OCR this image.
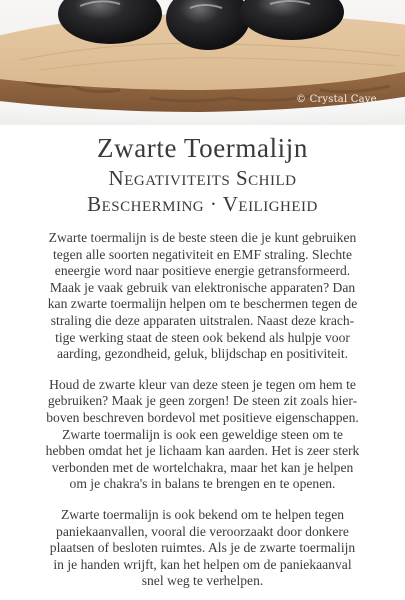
© Crystal Cave
Zwarte Toermalijn
Negativiteits Schild
Bescherming · Veiligheid
Zwarte toermalijn is de beste steen die je kunt gebruiken
tegen alle soorten negativiteit en EMF straling. Slechte
eneergie word naar positieve energie getransformeerd.
Maak je vaak gebruik van elektronische apparaten? Dan
kan zwarte toermalijn helpen om te beschermen tegen de
straling die deze apparaten uitstralen. Naast deze krach-
tige werking staat de steen ook bekend als hulpje voor
aarding, gezondheid, geluk, blijdschap en positiviteit.
Houd de zwarte kleur van deze steen je tegen om hem te
gebruiken? Maak je geen zorgen! De steen zit zoals hier-
boven beschreven bordevol met positieve eigenschappen.
Zwarte toermalijn is ook een geweldige steen om te
hebben omdat het je lichaam kan aarden. Het is zeer sterk
verbonden met de wortelchakra, maar het kan je helpen
om je chakra's in balans te brengen en te openen.
Zwarte toermalijn is ook bekend om te helpen tegen
paniekaanvallen, vooral die veroorzaakt door donkere
plaatsen of besloten ruimtes. Als je de zwarte toermalijn
in je handen wrijft, kan het helpen om de paniekaanval
snel weg te verhelpen.
